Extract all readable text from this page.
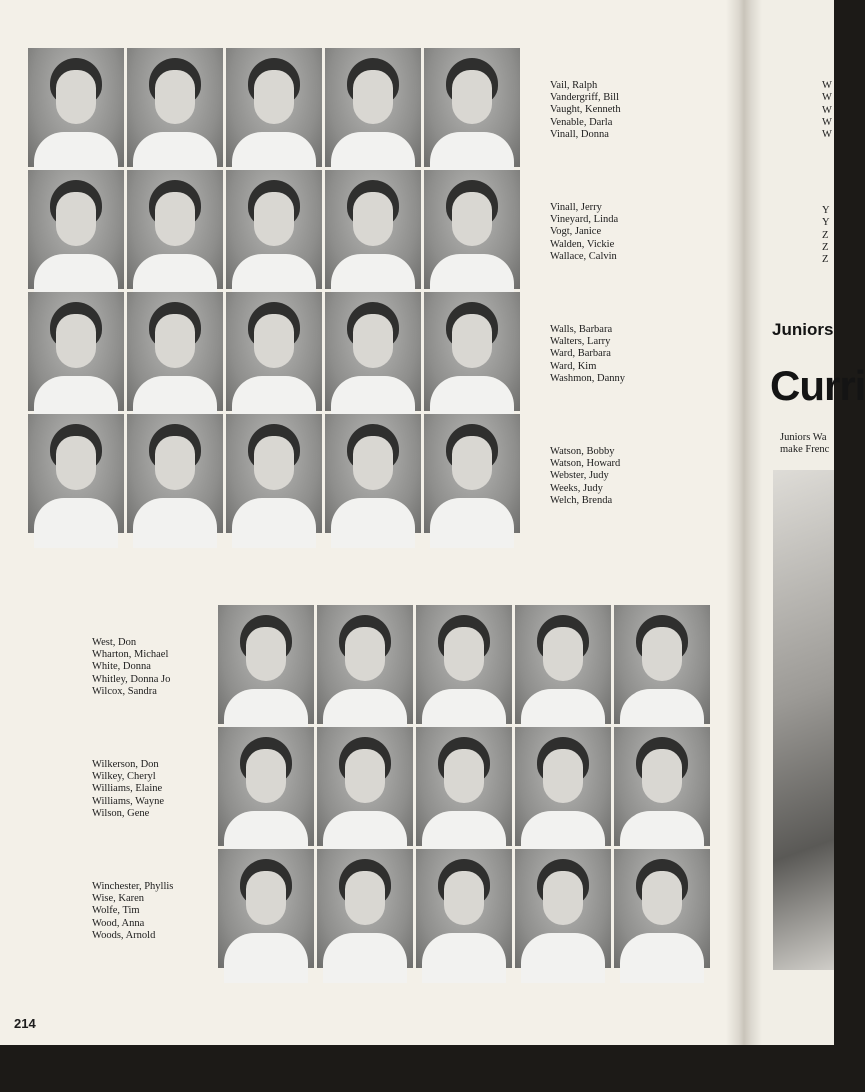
Vail, Ralph
Vandergriff, Bill
Vaught, Kenneth
Venable, Darla
Vinall, Donna
Vinall, Jerry
Vineyard, Linda
Vogt, Janice
Walden, Vickie
Wallace, Calvin
Walls, Barbara
Walters, Larry
Ward, Barbara
Ward, Kim
Washmon, Danny
Watson, Bobby
Watson, Howard
Webster, Judy
Weeks, Judy
Welch, Brenda
West, Don
Wharton, Michael
White, Donna
Whitley, Donna Jo
Wilcox, Sandra
Wilkerson, Don
Wilkey, Cheryl
Williams, Elaine
Williams, Wayne
Wilson, Gene
Winchester, Phyllis
Wise, Karen
Wolfe, Tim
Wood, Anna
Woods, Arnold
214
W
W
W
W
W
Y
Y
Z
Z
Z
Juniors
Curri
Juniors Wa
make Frenc
